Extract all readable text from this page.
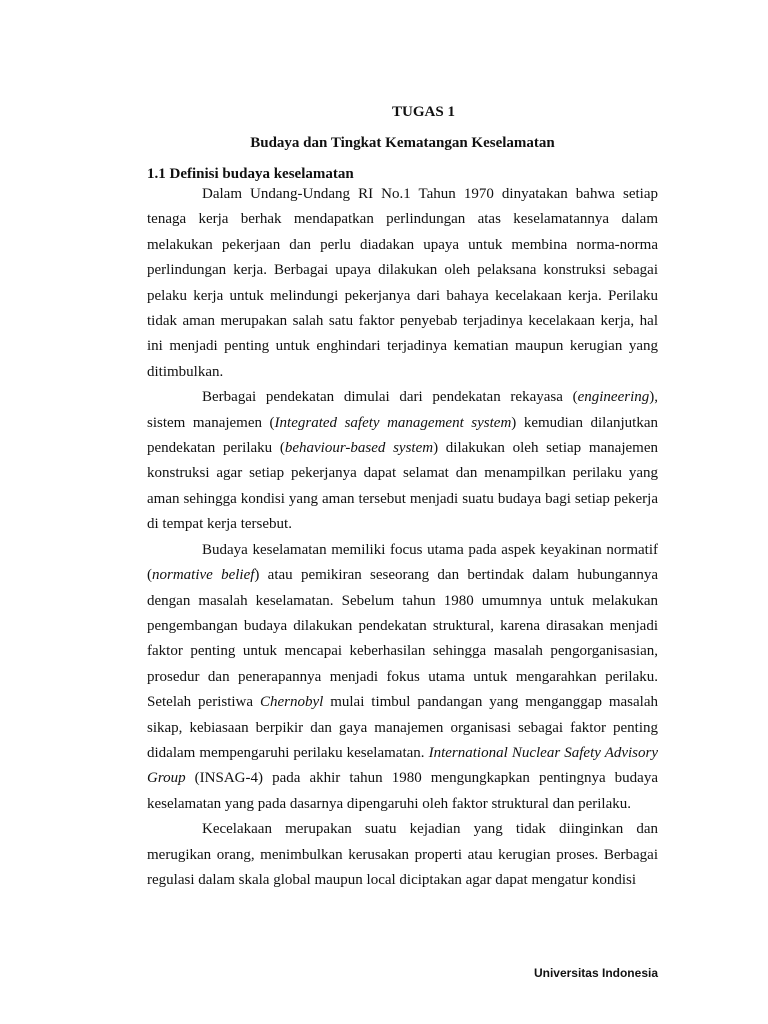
TUGAS 1
Budaya dan Tingkat Kematangan Keselamatan
1.1 Definisi budaya keselamatan

Dalam Undang-Undang RI No.1 Tahun 1970 dinyatakan bahwa setiap tenaga kerja berhak mendapatkan perlindungan atas keselamatannya dalam melakukan pekerjaan dan perlu diadakan upaya untuk membina norma-norma perlindungan kerja. Berbagai upaya dilakukan oleh pelaksana konstruksi sebagai pelaku kerja untuk melindungi pekerjanya dari bahaya kecelakaan kerja. Perilaku tidak aman merupakan salah satu faktor penyebab terjadinya kecelakaan kerja, hal ini menjadi penting untuk enghindari terjadinya kematian maupun kerugian yang ditimbulkan.

Berbagai pendekatan dimulai dari pendekatan rekayasa (engineering), sistem manajemen (Integrated safety management system) kemudian dilanjutkan pendekatan perilaku (behaviour-based system) dilakukan oleh setiap manajemen konstruksi agar setiap pekerjanya dapat selamat dan menampilkan perilaku yang aman sehingga kondisi yang aman tersebut menjadi suatu budaya bagi setiap pekerja di tempat kerja tersebut.

Budaya keselamatan memiliki focus utama pada aspek keyakinan normatif (normative belief) atau pemikiran seseorang dan bertindak dalam hubungannya dengan masalah keselamatan. Sebelum tahun 1980 umumnya untuk melakukan pengembangan budaya dilakukan pendekatan struktural, karena dirasakan menjadi faktor penting untuk mencapai keberhasilan sehingga masalah pengorganisasian, prosedur dan penerapannya menjadi fokus utama untuk mengarahkan perilaku. Setelah peristiwa Chernobyl mulai timbul pandangan yang menganggap masalah sikap, kebiasaan berpikir dan gaya manajemen organisasi sebagai faktor penting didalam mempengaruhi perilaku keselamatan. International Nuclear Safety Advisory Group (INSAG-4) pada akhir tahun 1980 mengungkapkan pentingnya budaya keselamatan yang pada dasarnya dipengaruhi oleh faktor struktural dan perilaku.

Kecelakaan merupakan suatu kejadian yang tidak diinginkan dan merugikan orang, menimbulkan kerusakan properti atau kerugian proses. Berbagai regulasi dalam skala global maupun local diciptakan agar dapat mengatur kondisi

Universitas Indonesia
